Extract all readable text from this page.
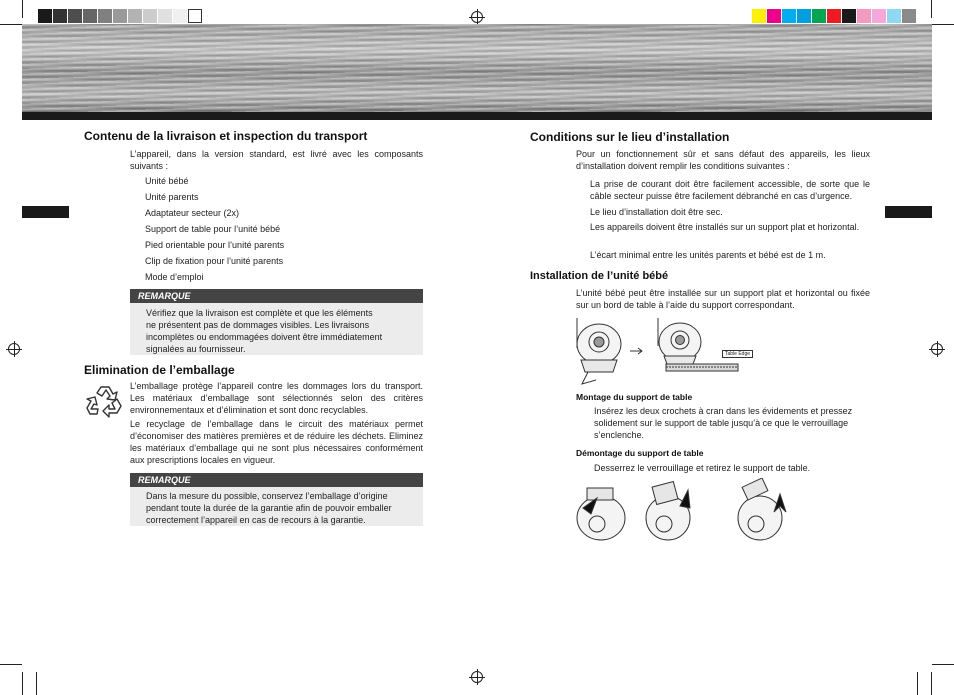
Contenu de la livraison et inspection du transport
L’appareil, dans la version standard, est livré avec les composants suivants :
Unité bébé
Unité parents
Adaptateur secteur (2x)
Support de table pour l’unité bébé
Pied orientable pour l’unité parents
Clip de fixation pour l’unité parents
Mode d’emploi
REMARQUE
Vérifiez que la livraison est complète et que les éléments
ne présentent pas de dommages visibles. Les livraisons
incomplètes ou endommagées doivent être immédiatement
signalées au fournisseur.
Elimination de l’emballage
L’emballage protège l’appareil contre les dommages lors du transport. Les matériaux d’emballage sont sélectionnés selon des critères environnementaux et d’élimination et sont donc recyclables.
Le recyclage de l’emballage dans le circuit des matériaux permet d’économiser des matières premières et de réduire les déchets. Eliminez les matériaux d’emballage qui ne sont plus nécessaires conformément aux prescriptions locales en vigueur.
REMARQUE
Dans la mesure du possible, conservez l’emballage d’origine
pendant toute la durée de la garantie afin de pouvoir emballer
correctement l’appareil en cas de recours à la garantie.
Conditions sur le lieu d’installation
Pour un fonctionnement sûr et sans défaut des appareils, les lieux d’installation doivent remplir les conditions suivantes :
La prise de courant doit être facilement accessible, de sorte que le câble secteur puisse être facilement débranché en cas d’urgence.
Le lieu d’installation doit être sec.
Les appareils doivent être installés sur un support plat et horizontal.
L’écart minimal entre les unités parents et bébé est de 1 m.
Installation de l’unité bébé
L’unité bébé peut être installée sur un support plat et horizontal ou fixée sur un bord de table à l’aide du support correspondant.
Table Edge
Montage du support de table
Insérez les deux crochets à cran dans les évidements et pressez solidement sur le support de table jusqu’à ce que le verrouillage s’enclenche.
Démontage du support de table
Desserrez le verrouillage et retirez le support de table.
